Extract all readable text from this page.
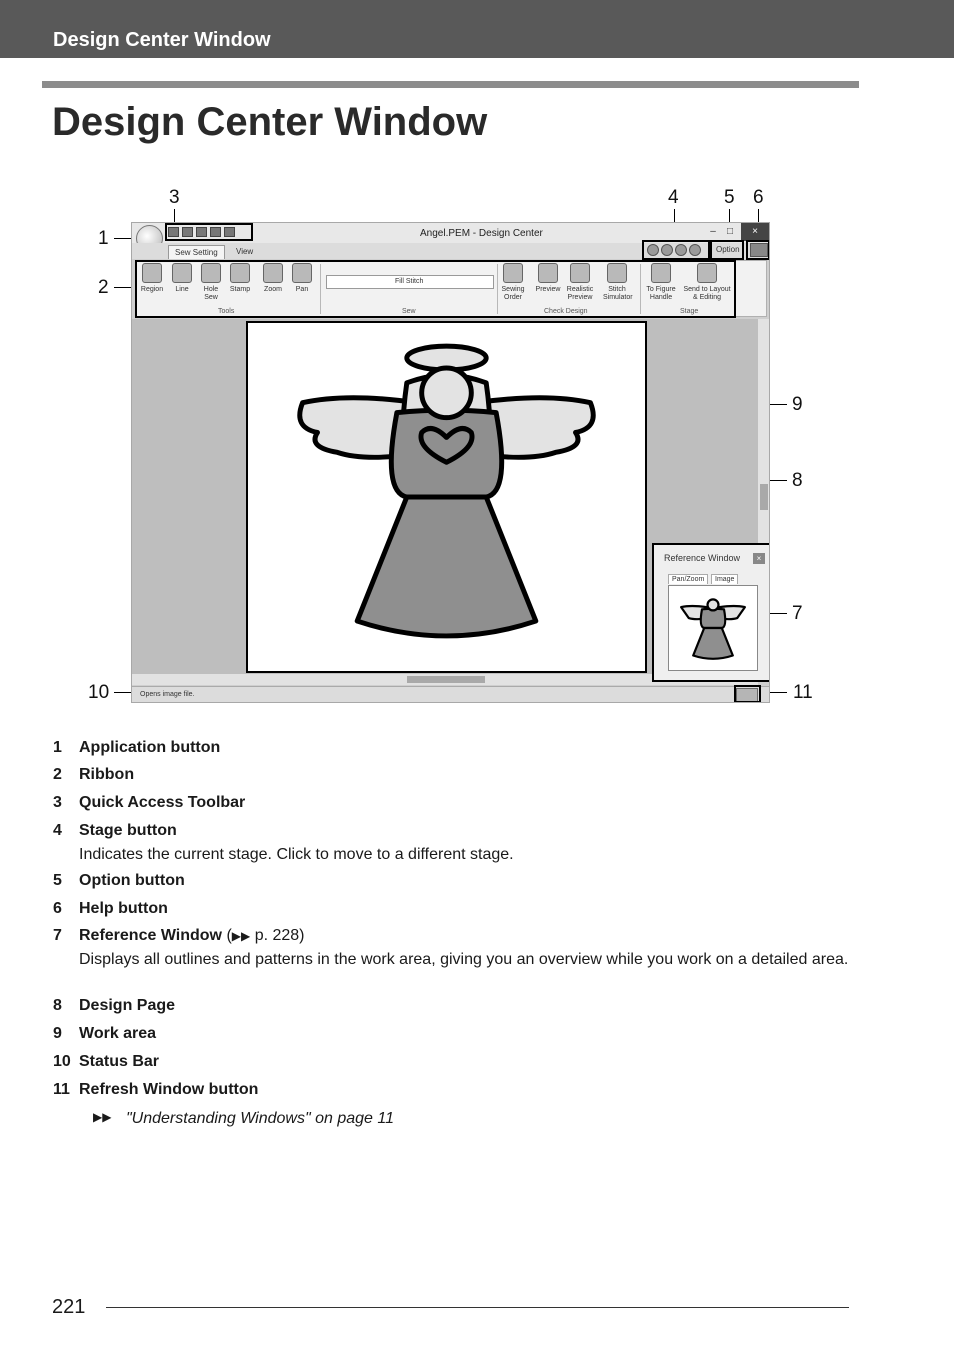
Design Center Window
Design Center Window
3	4 5 6
1
2
9
8
7
10	11
Angel.PEM - Design Center	–	□	×
Sew Setting	View	Option
Region	Line	Hole Sew
Stamp	Zoom	Pan
Tools
Fill Stitch
Sew
Sewing Order
Preview Realistic Preview
Stitch Simulator
Check Design
To Figure Handle
Send to Layout & Editing
Stage
Reference Window	×
Pan/Zoom	Image
Opens image file.
1 Application button
2 Ribbon
3 Quick Access Toolbar
4 Stage button
Indicates the current stage. Click to move to a different stage.
5 Option button
6 Help button
7 Reference Window (▶▶ p. 228)
Displays all outlines and patterns in the work area, giving you an overview while you work on a detailed area.
8 Design Page
9 Work area
10 Status Bar
11 Refresh Window button
▶▶ "Understanding Windows" on page 11
221
